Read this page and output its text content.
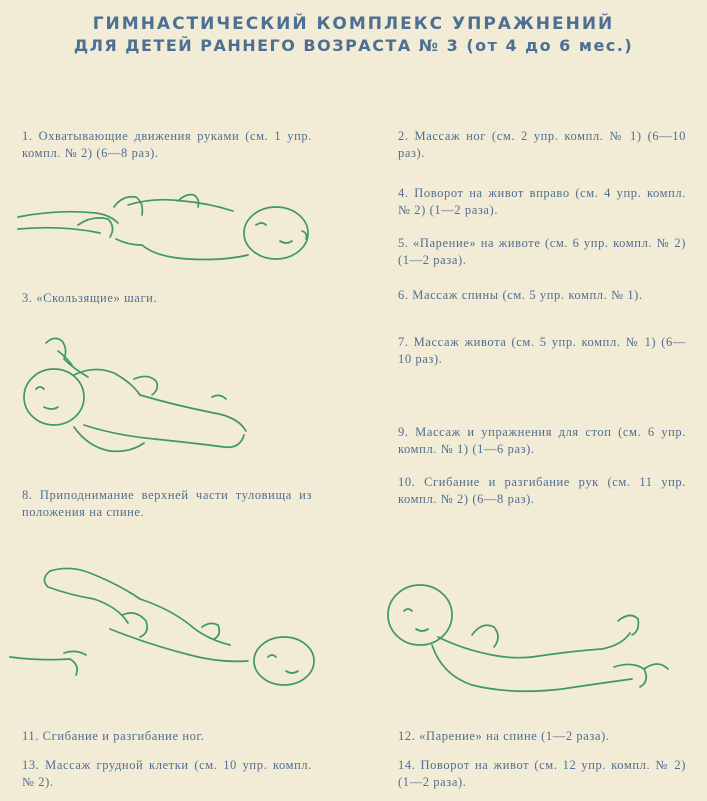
ГИМНАСТИЧЕСКИЙ КОМПЛЕКС УПРАЖНЕНИЙ
ДЛЯ ДЕТЕЙ РАННЕГО ВОЗРАСТА № 3 (от 4 до 6 мес.)
1. Охватывающие движения руками (см. 1 упр. компл. № 2) (6—8 раз).
3. «Скользящие» шаги.
8. Приподнимание верхней части туловища из положения на спине.
11. Сгибание и разгибание ног.
13. Массаж грудной клетки (см. 10 упр. компл. № 2).
2. Массаж ног (см. 2 упр. компл. № 1) (6—10 раз).
4. Поворот на живот вправо (см. 4 упр. компл. № 2) (1—2 раза).
5. «Парение» на животе (см. 6 упр. компл. № 2) (1—2 раза).
6. Массаж спины (см. 5 упр. компл. № 1).
7. Массаж живота (см. 5 упр. компл. № 1) (6—10 раз).
9. Массаж и упражнения для стоп (см. 6 упр. компл. № 1) (1—6 раз).
10. Сгибание и разгибание рук (см. 11 упр. компл. № 2) (6—8 раз).
12. «Парение» на спине (1—2 раза).
14. Поворот на живот (см. 12 упр. компл. № 2) (1—2 раза).
